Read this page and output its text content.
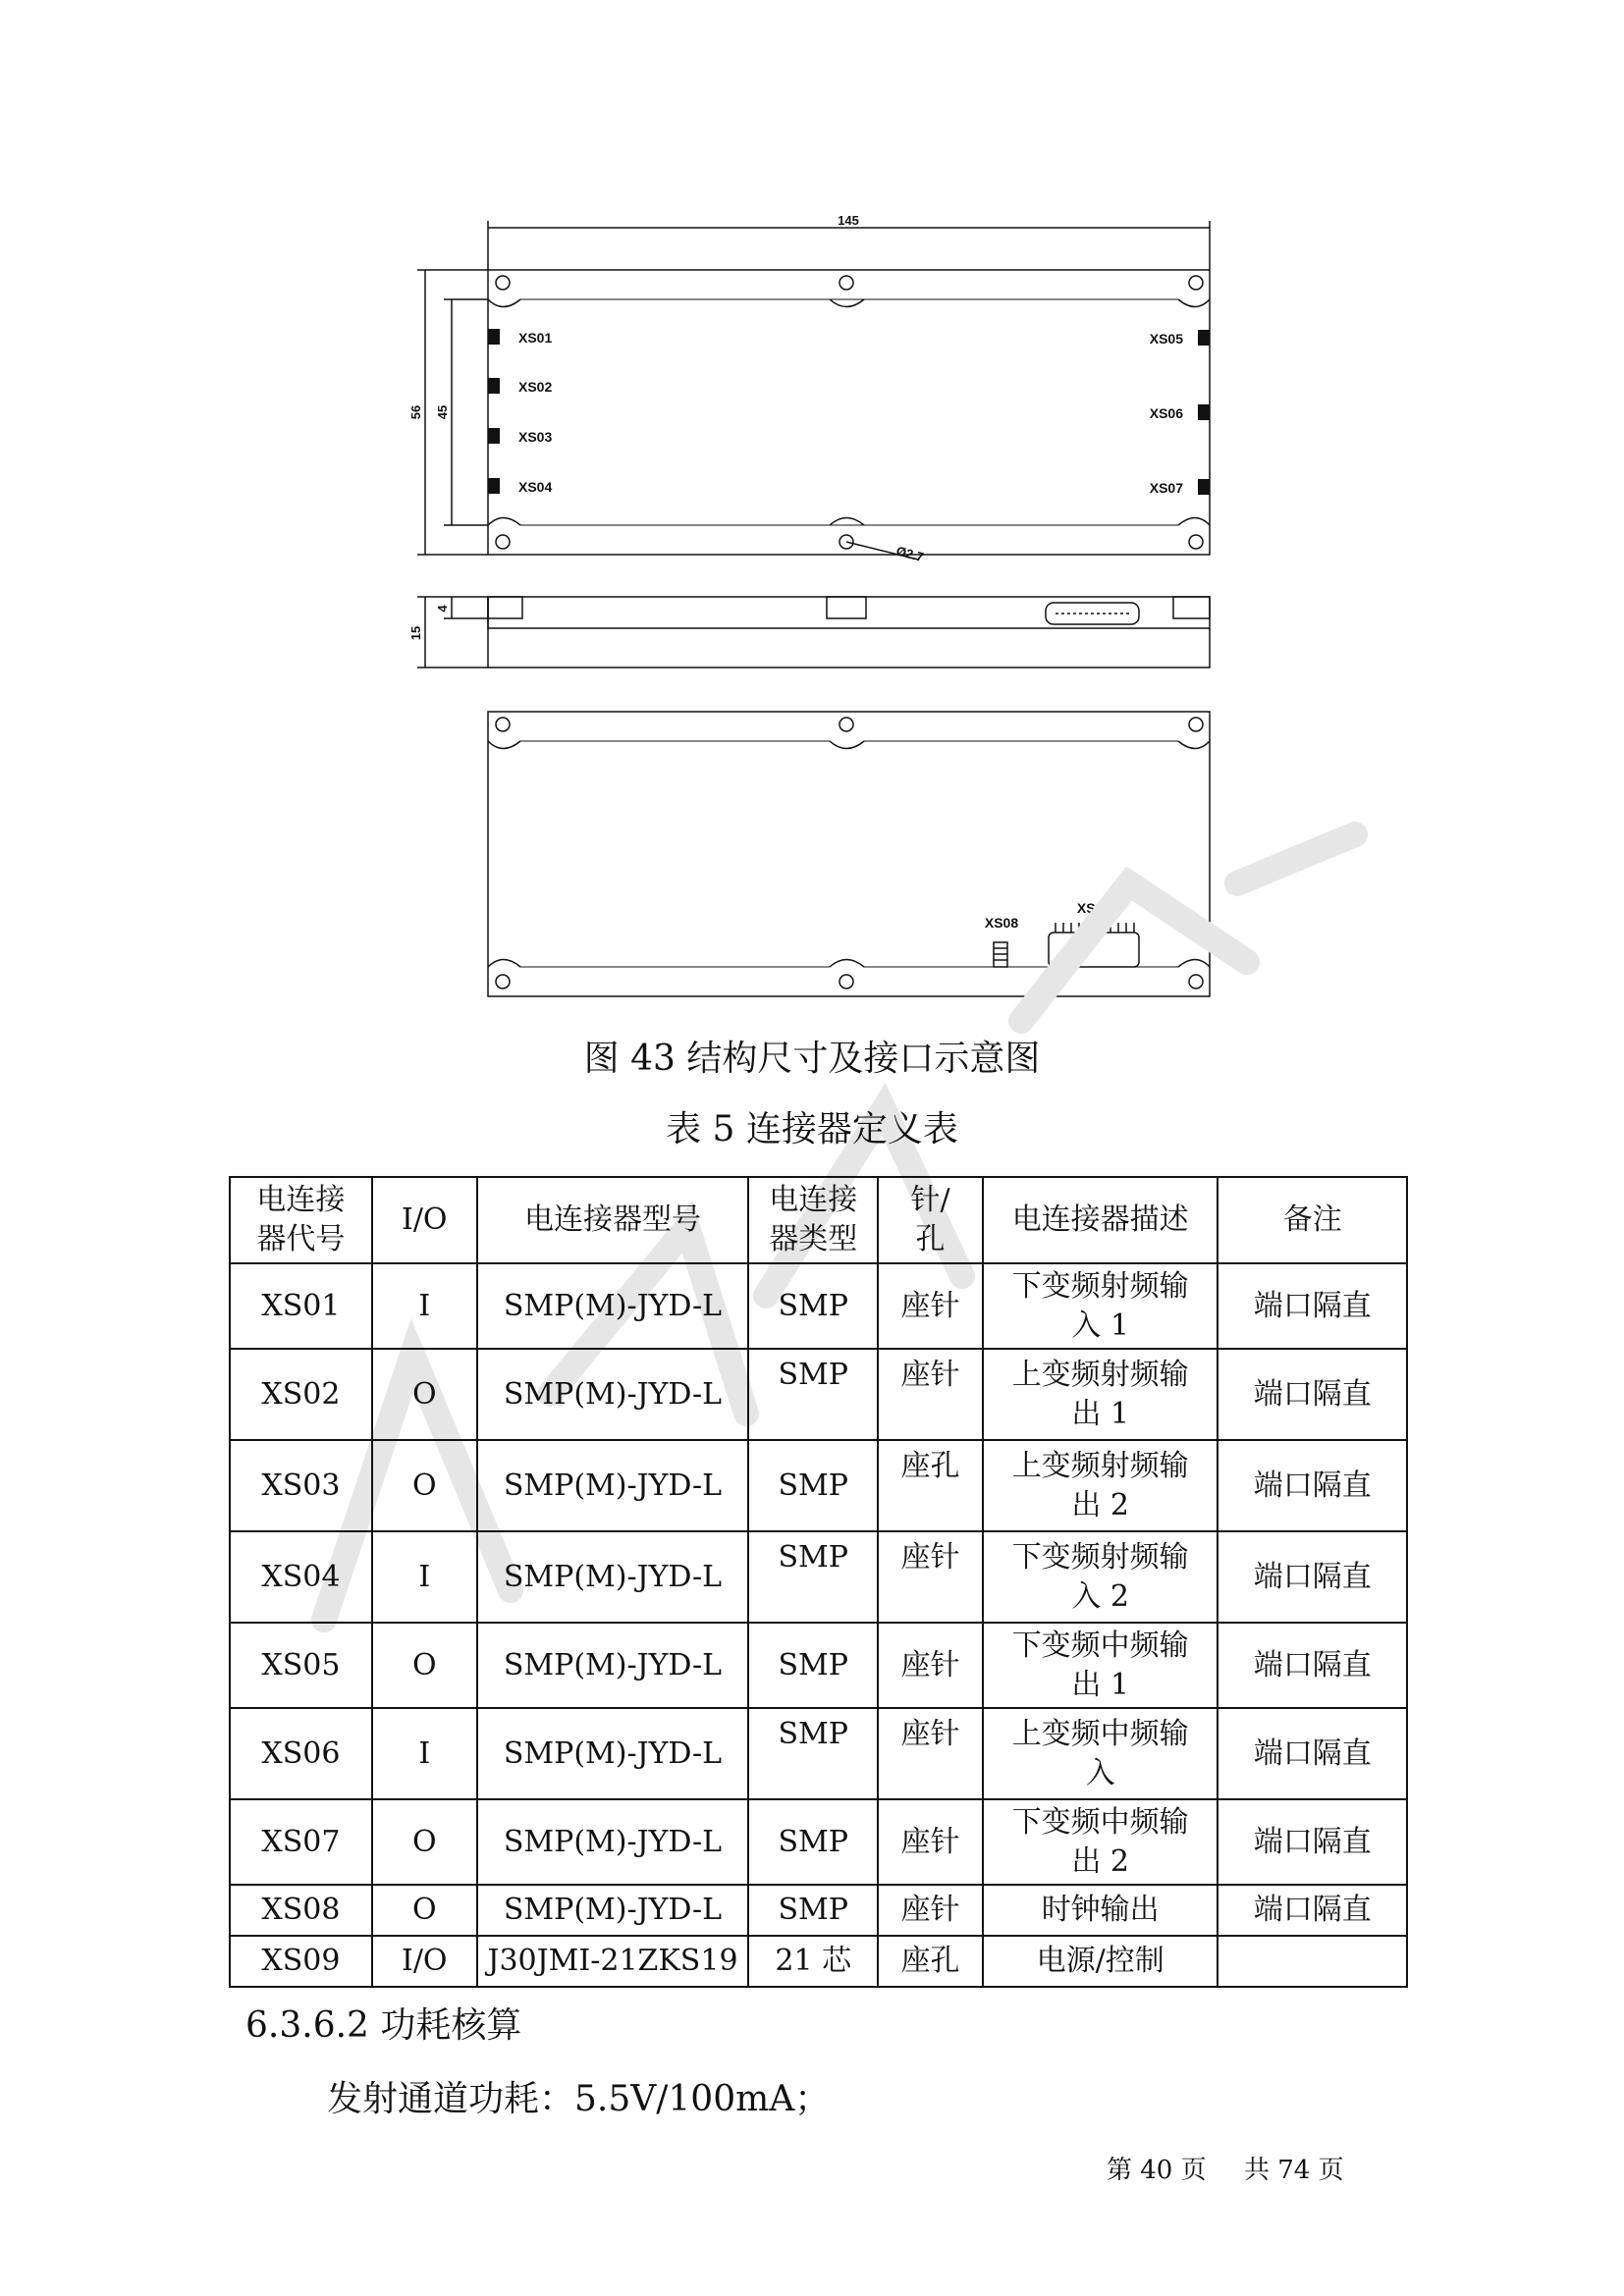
145
56 45
Ø2.7
15
4
XS01
XS02
XS03
XS04
XS05
XS06
XS07
XS08
XS09
图 43 结构尺寸及接口示意图
表 5 连接器定义表
电连接
器代号	I/O	电连接器型号	电连接
器类型	针/
孔	电连接器描述	备注
XS01	I	SMP(M)-JYD-L	SMP	座针	下变频射频输
入 1	端口隔直
XS02	O	SMP(M)-JYD-L	SMP	座针	上变频射频输
出 1	端口隔直
XS03	O	SMP(M)-JYD-L	SMP	座孔	上变频射频输
出 2	端口隔直
XS04	I	SMP(M)-JYD-L	SMP	座针	下变频射频输
入 2	端口隔直
XS05	O	SMP(M)-JYD-L	SMP	座针	下变频中频输
出 1	端口隔直
XS06	I	SMP(M)-JYD-L	SMP	座针	上变频中频输
入	端口隔直
XS07	O	SMP(M)-JYD-L	SMP	座针	下变频中频输
出 2	端口隔直
XS08	O	SMP(M)-JYD-L	SMP	座针	时钟输出	端口隔直
XS09	I/O	J30JMI-21ZKS19	21 芯	座孔	电源/控制	
6.3.6.2 功耗核算
发射通道功耗：5.5V/100mA；
第 40 页 共 74 页
